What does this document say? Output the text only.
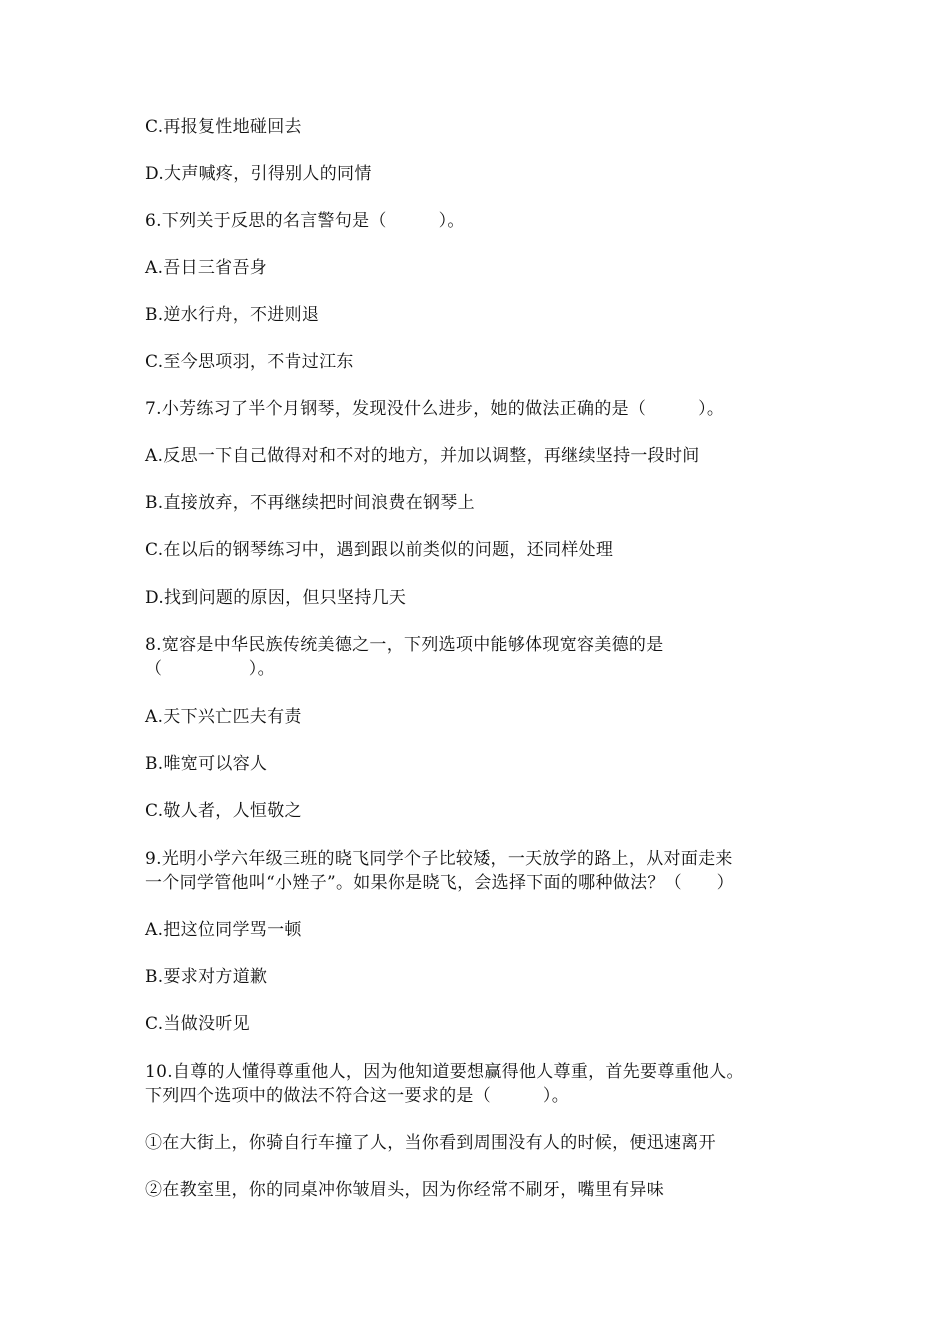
C.再报复性地碰回去
D.大声喊疼，引得别人的同情
6.下列关于反思的名言警句是（　　　）。
A.吾日三省吾身
B.逆水行舟，不进则退
C.至今思项羽，不肯过江东
7.小芳练习了半个月钢琴，发现没什么进步，她的做法正确的是（　　　）。
A.反思一下自己做得对和不对的地方，并加以调整，再继续坚持一段时间
B.直接放弃，不再继续把时间浪费在钢琴上
C.在以后的钢琴练习中，遇到跟以前类似的问题，还同样处理
D.找到问题的原因，但只坚持几天
8.宽容是中华民族传统美德之一，下列选项中能够体现宽容美德的是
（　　　　　）。
A.天下兴亡匹夫有责
B.唯宽可以容人
C.敬人者，人恒敬之
9.光明小学六年级三班的晓飞同学个子比较矮，一天放学的路上，从对面走来
一个同学管他叫“小矬子”。如果你是晓飞，会选择下面的哪种做法？（　　）
A.把这位同学骂一顿
B.要求对方道歉
C.当做没听见
10.自尊的人懂得尊重他人，因为他知道要想赢得他人尊重，首先要尊重他人。
下列四个选项中的做法不符合这一要求的是（　　　）。
①在大街上，你骑自行车撞了人，当你看到周围没有人的时候，便迅速离开
②在教室里，你的同桌冲你皱眉头，因为你经常不刷牙，嘴里有异味
